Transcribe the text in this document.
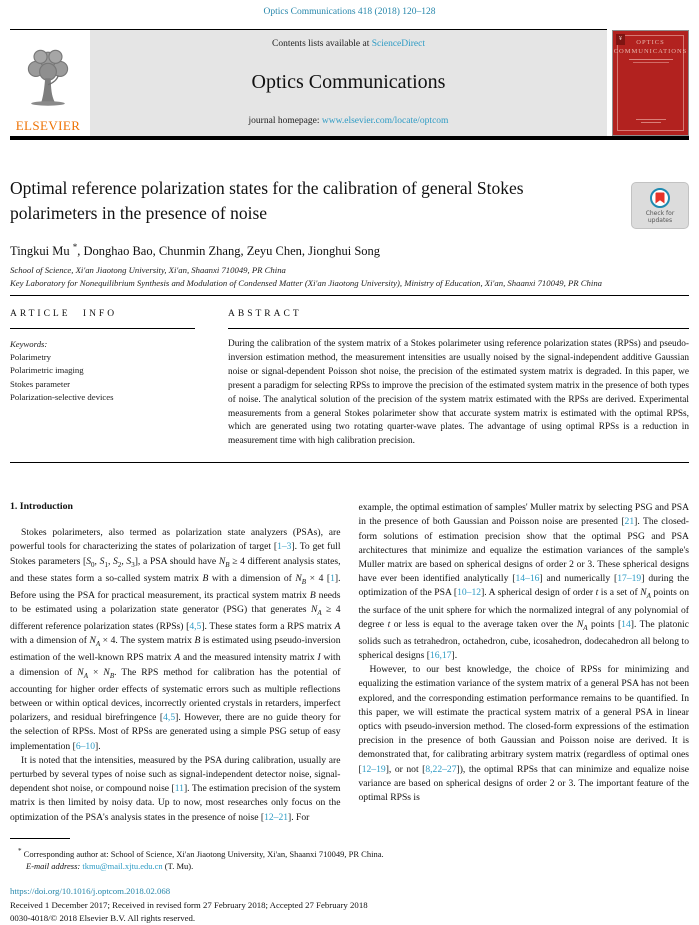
Optics Communications 418 (2018) 120–128
ELSEVIER
Contents lists available at ScienceDirect
Optics Communications
journal homepage: www.elsevier.com/locate/optcom
¥	OPTICS COMMUNICATIONS
Optimal reference polarization states for the calibration of general Stokes polarimeters in the presence of noise	Check for
updates
Tingkui Mu *, Donghao Bao, Chunmin Zhang, Zeyu Chen, Jionghui Song
School of Science, Xi'an Jiaotong University, Xi'an, Shaanxi 710049, PR China
Key Laboratory for Nonequilibrium Synthesis and Modulation of Condensed Matter (Xi'an Jiaotong University), Ministry of Education, Xi'an, Shaanxi 710049, PR China
ARTICLE INFO
Keywords:
Polarimetry
Polarimetric imaging
Stokes parameter
Polarization-selective devices
ABSTRACT
During the calibration of the system matrix of a Stokes polarimeter using reference polarization states (RPSs) and pseudo-inversion estimation method, the measurement intensities are usually noised by the signal-independent additive Gaussian noise or signal-dependent Poisson shot noise, the precision of the estimated system matrix is degraded. In this paper, we present a paradigm for selecting RPSs to improve the precision of the estimated system matrix in the presence of both types of noise. The analytical solution of the precision of the system matrix estimated with the RPSs are derived. Experimental measurements from a general Stokes polarimeter show that accurate system matrix is estimated with the optimal RPSs, which are generated using two rotating quarter-wave plates. The advantage of using optimal RPSs is a reduction in measurement time with high calibration precision.
1. Introduction

Stokes polarimeters, also termed as polarization state analyzers (PSAs), are powerful tools for characterizing the states of polarization of target [1–3]. To get full Stokes parameters [$S_0$, $S_1$, $S_2$, $S_3$], a PSA should have $N_B \ge 4$ different analysis states, and these states form a so-called system matrix B with a dimension of $N_B \times 4$ [1]. Before using the PSA for practical measurement, its practical system matrix B needs to be estimated using a polarization state generator (PSG) that generates $N_A \ge 4$ different reference polarization states (RPSs) [4,5]. These states form a RPS matrix A with a dimension of $N_A \times 4$. The system matrix B is estimated using pseudo-inversion estimation of the well-known RPS matrix A and the measured intensity matrix I with a dimension of $N_A \times N_B$. The RPS method for calibration has the potential of accounting for higher order effects of systematic errors such as multiple reflections between or within optical devices, incorrectly oriented crystals in retarders, imperfect polarizers, and residual birefringence [4,5]. However, there are no guide theory for the selection of RPSs. Most of RPSs are generated using a simple PSG setup of easy implementation [6–10].

It is noted that the intensities, measured by the PSA during calibration, usually are perturbed by several types of noise such as signal-independent detector noise, signal-dependent shot noise, or compound noise [11]. The estimation precision of the system matrix is then limited by noisy data. Up to now, most researches only focus on the optimization of the PSA's analysis states in the presence of noise [12–21]. For

example, the optimal estimation of samples' Muller matrix by selecting PSG and PSA in the presence of both Gaussian and Poisson noise are presented [21]. The closed-form solutions of estimation precision show that the optimal PSG and PSA architectures that minimize and equalize the estimation variances of the sample's Muller matrix are based on spherical designs of order 2 or 3. These spherical designs have ever been identified analytically [14–16] and numerically [17–19] during the optimization of the PSA [10–12]. A spherical design of order t is a set of $N_A$ points on the surface of the unit sphere for which the normalized integral of any polynomial of degree t or less is equal to the average taken over the $N_A$ points [14]. The platonic solids such as tetrahedron, octahedron, cube, icosahedron, dodecahedron all belong to spherical designs [16,17].

However, to our best knowledge, the choice of RPSs for minimizing and equalizing the estimation variance of the system matrix of a general PSA has not been explored, and the corresponding estimation performance remains to be quantified. In this paper, we will estimate the practical system matrix of a general PSA in linear optics with pseudo-inversion method. The closed-form expressions of the estimation precision in the presence of both Gaussian and Poisson noise are derived. It is demonstrated that, for calibrating arbitrary system matrix (regardless of optimal ones [12–19], or not [8,22–27]), the optimal RPSs that can minimize and equalize noise variance are based on spherical designs of order 2 or 3. The important feature of the optimal RPSs is

* Corresponding author at: School of Science, Xi'an Jiaotong University, Xi'an, Shaanxi 710049, PR China.
E-mail address: tkmu@mail.xjtu.edu.cn (T. Mu).
https://doi.org/10.1016/j.optcom.2018.02.068
Received 1 December 2017; Received in revised form 27 February 2018; Accepted 27 February 2018
0030-4018/© 2018 Elsevier B.V. All rights reserved.
